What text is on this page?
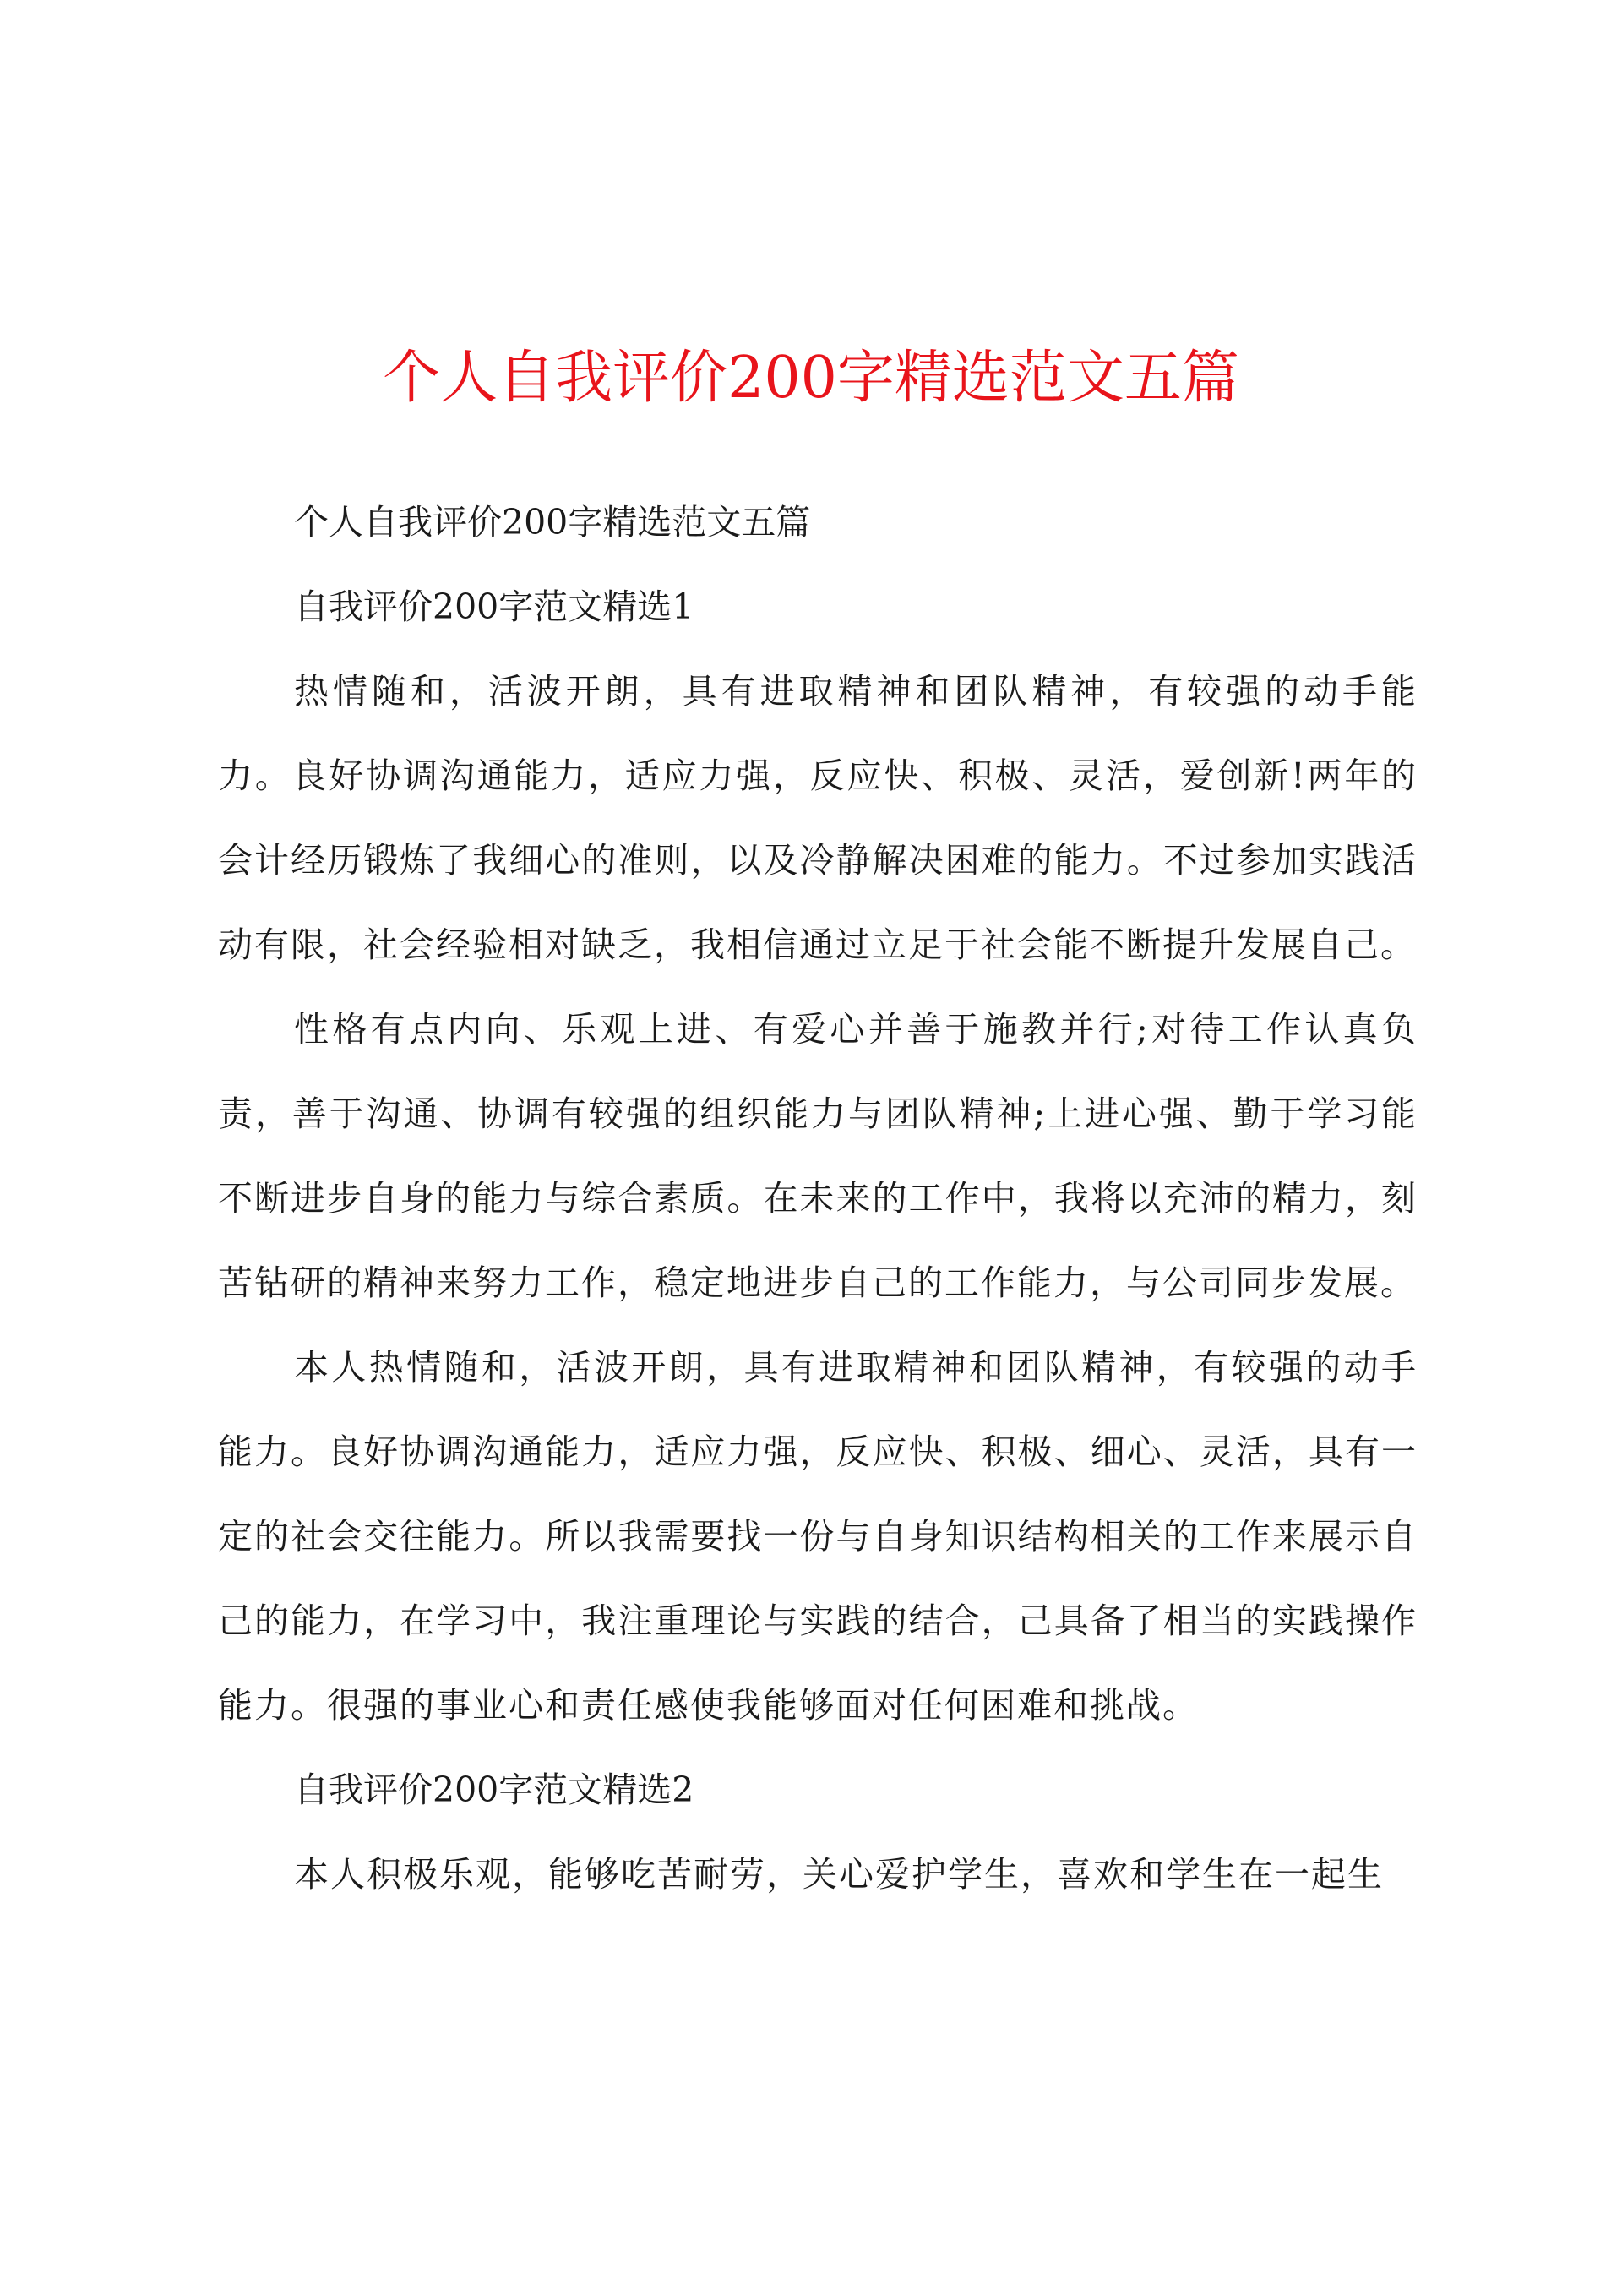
个人自我评价200字精选范文五篇

个人自我评价200字精选范文五篇

自我评价200字范文精选1

热情随和，活波开朗，具有进取精神和团队精神，有较强的动手能力。良好协调沟通能力，适应力强，反应快、积极、灵活，爱创新!两年的会计经历锻炼了我细心的准则，以及冷静解决困难的能力。不过参加实践活动有限，社会经验相对缺乏，我相信通过立足于社会能不断提升发展自己。

性格有点内向、乐观上进、有爱心并善于施教并行;对待工作认真负责，善于沟通、协调有较强的组织能力与团队精神;上进心强、勤于学习能不断进步自身的能力与综合素质。在未来的工作中，我将以充沛的精力，刻苦钻研的精神来努力工作，稳定地进步自己的工作能力，与公司同步发展。

本人热情随和，活波开朗，具有进取精神和团队精神，有较强的动手能力。良好协调沟通能力，适应力强，反应快、积极、细心、灵活，具有一定的社会交往能力。所以我需要找一份与自身知识结构相关的工作来展示自己的能力，在学习中，我注重理论与实践的结合，己具备了相当的实践操作能力。很强的事业心和责任感使我能够面对任何困难和挑战。

自我评价200字范文精选2

本人积极乐观，能够吃苦耐劳，关心爱护学生，喜欢和学生在一起生
